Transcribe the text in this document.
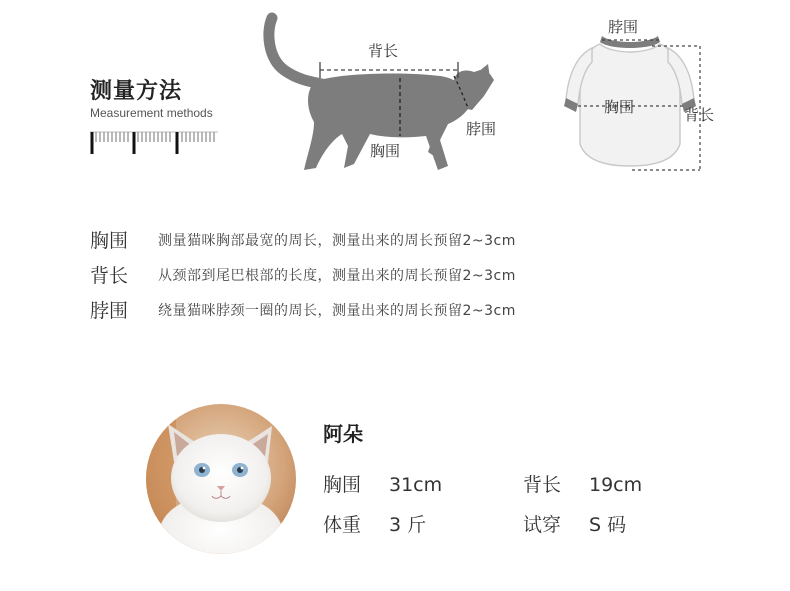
测量方法
Measurement methods
背长
脖围
胸围
脖围
胸围	背长
胸围	测量猫咪胸部最宽的周长，测量出来的周长预留2~3cm
背长	从颈部到尾巴根部的长度，测量出来的周长预留2~3cm
脖围	绕量猫咪脖颈一圈的周长，测量出来的周长预留2~3cm
阿朵
胸围 31cm	背长 19cm
体重 3 斤	试穿 S 码
